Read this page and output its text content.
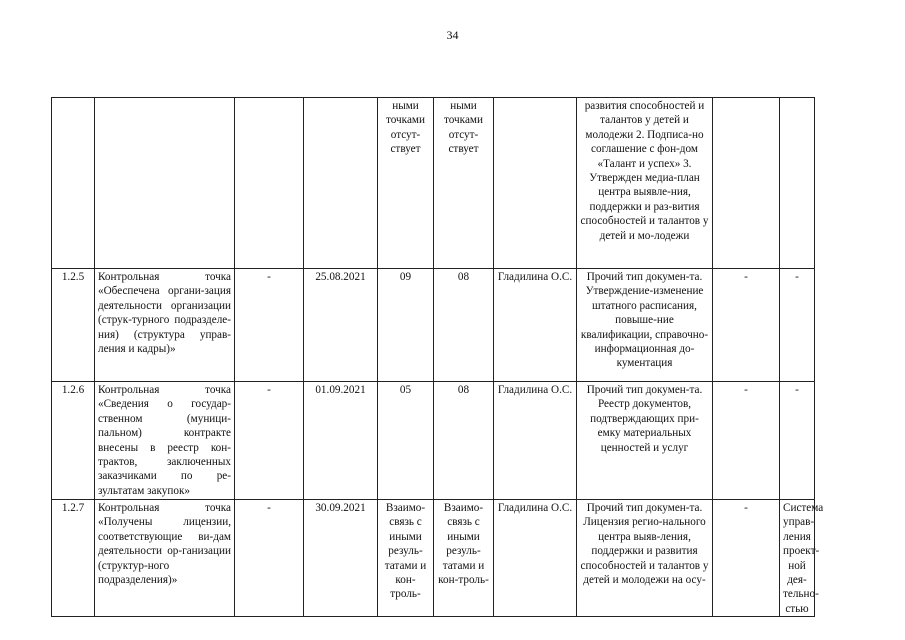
34
				ными точками отсут-ствует	ными точками отсут-ствует		развития способностей и талантов у детей и молодежи 2. Подписа-но соглашение с фон-дом «Талант и успех» 3. Утвержден медиа-план центра выявле-ния, поддержки и раз-вития способностей и талантов у детей и мо-лодежи		
1.2.5	Контрольная точка «Обеспечена органи-зация деятельности организации (струк-турного подразделе-ния) (структура управ-ления и кадры)»	-	25.08.2021	09	08	Гладилина О.С.	Прочий тип докумен-та. Утверждение-изменение штатного расписания, повыше-ние квалификации, справочно-информационная до-кументация	-	-
1.2.6	Контрольная точка «Сведения о государ-ственном (муници-пальном) контракте внесены в реестр кон-трактов, заключенных заказчиками по ре-зультатам закупок»	-	01.09.2021	05	08	Гладилина О.С.	Прочий тип докумен-та. Реестр документов, подтверждающих при-емку материальных ценностей и услуг	-	-
1.2.7	Контрольная точка «Получены лицензии, соответствующие ви-дам деятельности ор-ганизации (структур-ного подразделения)»	-	30.09.2021	Взаимо-связь с иными резуль-татами и кон-троль-	Взаимо-связь с иными резуль-татами и кон-троль-	Гладилина О.С.	Прочий тип докумен-та. Лицензия регио-нального центра выяв-ления, поддержки и развития способностей и талантов у детей и молодежи на осу-	-	Система управ-ления проект-ной дея-тельно-стью
